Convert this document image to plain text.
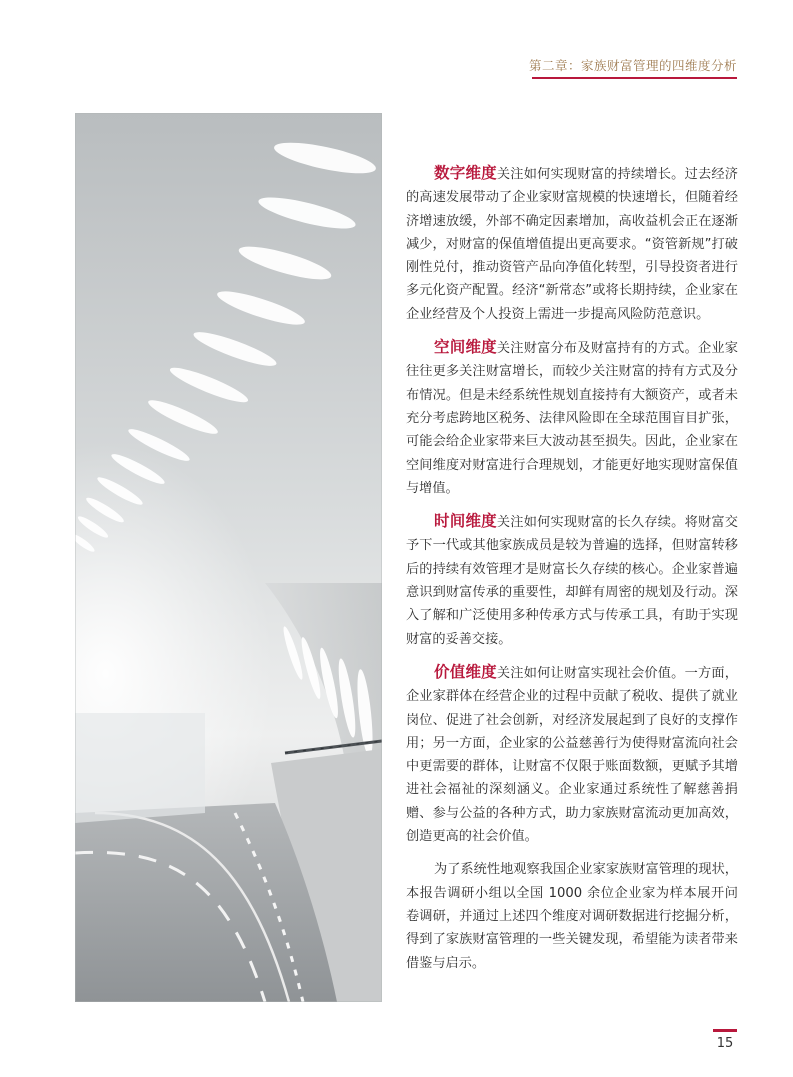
第二章：家族财富管理的四维度分析

数字维度关注如何实现财富的持续增长。过去经济的高速发展带动了企业家财富规模的快速增长，但随着经济增速放缓，外部不确定因素增加，高收益机会正在逐渐减少，对财富的保值增值提出更高要求。“资管新规”打破刚性兑付，推动资管产品向净值化转型，引导投资者进行多元化资产配置。经济“新常态”或将长期持续，企业家在企业经营及个人投资上需进一步提高风险防范意识。

空间维度关注财富分布及财富持有的方式。企业家往往更多关注财富增长，而较少关注财富的持有方式及分布情况。但是未经系统性规划直接持有大额资产，或者未充分考虑跨地区税务、法律风险即在全球范围盲目扩张，可能会给企业家带来巨大波动甚至损失。因此，企业家在空间维度对财富进行合理规划，才能更好地实现财富保值与增值。

时间维度关注如何实现财富的长久存续。将财富交予下一代或其他家族成员是较为普遍的选择，但财富转移后的持续有效管理才是财富长久存续的核心。企业家普遍意识到财富传承的重要性，却鲜有周密的规划及行动。深入了解和广泛使用多种传承方式与传承工具，有助于实现财富的妥善交接。

价值维度关注如何让财富实现社会价值。一方面，企业家群体在经营企业的过程中贡献了税收、提供了就业岗位、促进了社会创新，对经济发展起到了良好的支撑作用；另一方面，企业家的公益慈善行为使得财富流向社会中更需要的群体，让财富不仅限于账面数额，更赋予其增进社会福祉的深刻涵义。企业家通过系统性了解慈善捐赠、参与公益的各种方式，助力家族财富流动更加高效，创造更高的社会价值。

为了系统性地观察我国企业家家族财富管理的现状，本报告调研小组以全国 1000 余位企业家为样本展开问卷调研，并通过上述四个维度对调研数据进行挖掘分析，得到了家族财富管理的一些关键发现，希望能为读者带来借鉴与启示。

15
